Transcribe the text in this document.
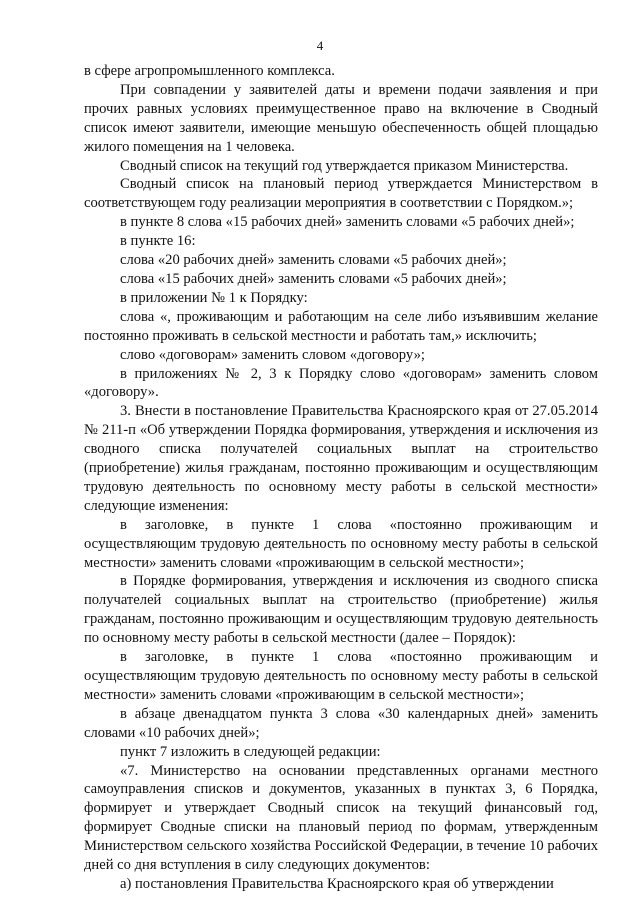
4

в сфере агропромышленного комплекса.

При совпадении у заявителей даты и времени подачи заявления и при прочих равных условиях преимущественное право на включение в Сводный список имеют заявители, имеющие меньшую обеспеченность общей площадью жилого помещения на 1 человека.

Сводный список на текущий год утверждается приказом Министерства.

Сводный список на плановый период утверждается Министерством в соответствующем году реализации мероприятия в соответствии с Порядком.»;

в пункте 8 слова «15 рабочих дней» заменить словами «5 рабочих дней»;

в пункте 16:

слова «20 рабочих дней» заменить словами «5 рабочих дней»;

слова «15 рабочих дней» заменить словами «5 рабочих дней»;

в приложении № 1 к Порядку:

слова «, проживающим и работающим на селе либо изъявившим желание постоянно проживать в сельской местности и работать там,» исключить;

слово «договорам» заменить словом «договору»;

в приложениях № 2, 3 к Порядку слово «договорам» заменить словом «договору».

3. Внести в постановление Правительства Красноярского края от 27.05.2014 № 211-п «Об утверждении Порядка формирования, утверждения и исключения из сводного списка получателей социальных выплат на строительство (приобретение) жилья гражданам, постоянно проживающим и осуществляющим трудовую деятельность по основному месту работы в сельской местности» следующие изменения:

в заголовке, в пункте 1 слова «постоянно проживающим и осуществляющим трудовую деятельность по основному месту работы в сельской местности» заменить словами «проживающим в сельской местности»;

в Порядке формирования, утверждения и исключения из сводного списка получателей социальных выплат на строительство (приобретение) жилья гражданам, постоянно проживающим и осуществляющим трудовую деятельность по основному месту работы в сельской местности (далее – Порядок):

в заголовке, в пункте 1 слова «постоянно проживающим и осуществляющим трудовую деятельность по основному месту работы в сельской местности» заменить словами «проживающим в сельской местности»;

в абзаце двенадцатом пункта 3 слова «30 календарных дней» заменить словами «10 рабочих дней»;

пункт 7 изложить в следующей редакции:

«7. Министерство на основании представленных органами местного самоуправления списков и документов, указанных в пунктах 3, 6 Порядка, формирует и утверждает Сводный список на текущий финансовый год, формирует Сводные списки на плановый период по формам, утвержденным Министерством сельского хозяйства Российской Федерации, в течение 10 рабочих дней со дня вступления в силу следующих документов:

а) постановления Правительства Красноярского края об утверждении
